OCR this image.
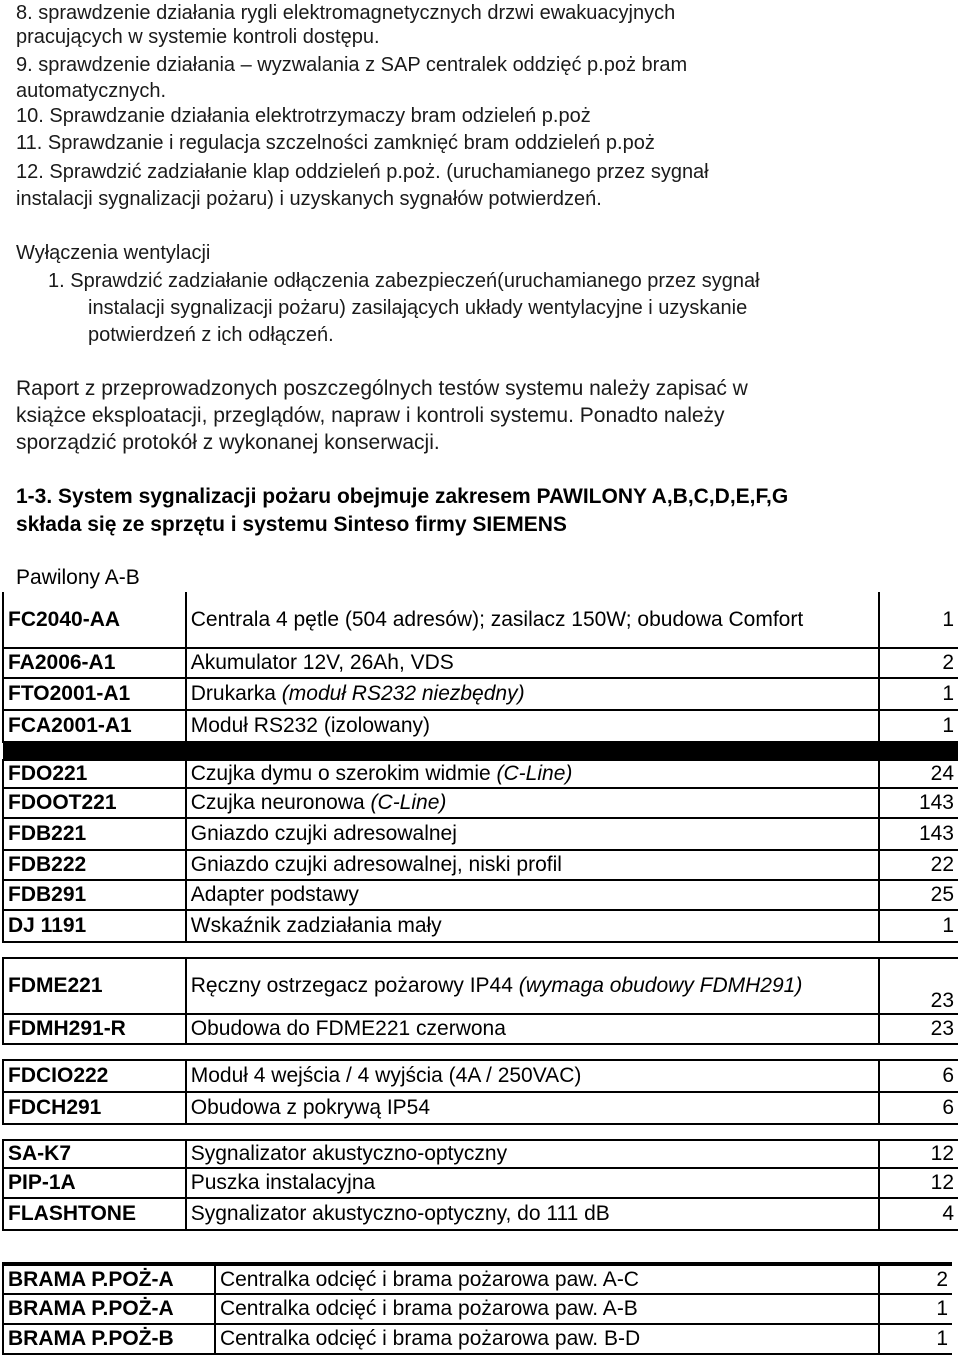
8. sprawdzenie działania rygli elektromagnetycznych drzwi ewakuacyjnych

pracujących w systemie kontroli dostępu.

9. sprawdzenie działania – wyzwalania z SAP centralek oddzięć p.poż bram

automatycznych.

10. Sprawdzanie działania elektrotrzymaczy bram odzieleń p.poż

11. Sprawdzanie i regulacja szczelności zamknięć bram oddzieleń p.poż

12. Sprawdzić zadziałanie klap oddzieleń p.poż. (uruchamianego przez sygnał

instalacji sygnalizacji pożaru) i uzyskanych sygnałów potwierdzeń.

Wyłączenia wentylacji

1. Sprawdzić zadziałanie odłączenia zabezpieczeń(uruchamianego przez sygnał

instalacji sygnalizacji pożaru) zasilających układy wentylacyjne i uzyskanie

potwierdzeń z ich odłączeń.

Raport z przeprowadzonych poszczególnych testów systemu należy zapisać w

książce eksploatacji, przeglądów, napraw i kontroli systemu. Ponadto należy

sporządzić protokół z wykonanej konserwacji.

1-3. System sygnalizacji pożaru obejmuje zakresem PAWILONY A,B,C,D,E,F,G

składa się ze sprzętu i systemu Sinteso firmy SIEMENS

Pawilony A-B

FC2040-AA	Centrala 4 pętle (504 adresów); zasilacz 150W; obudowa Comfort	1
FA2006-A1	Akumulator 12V, 26Ah, VDS	2
FTO2001-A1	Drukarka (moduł RS232 niezbędny)	1
FCA2001-A1	Moduł RS232 (izolowany)	1

FDO221	Czujka dymu o szerokim widmie (C-Line)	24
FDOOT221	Czujka neuronowa (C-Line)	143
FDB221	Gniazdo czujki adresowalnej	143
FDB222	Gniazdo czujki adresowalnej, niski profil	22
FDB291	Adapter podstawy	25
DJ 1191	Wskaźnik zadziałania mały	1

FDME221	Ręczny ostrzegacz pożarowy IP44 (wymaga obudowy FDMH291)	23
FDMH291-R	Obudowa do FDME221 czerwona	23

FDCIO222	Moduł 4 wejścia / 4 wyjścia (4A / 250VAC)	6
FDCH291	Obudowa z pokrywą IP54	6

SA-K7	Sygnalizator akustyczno-optyczny	12
PIP-1A	Puszka instalacyjna	12
FLASHTONE	Sygnalizator akustyczno-optyczny, do 111 dB	4
BRAMA P.POŻ-A	Centralka odcięć i brama pożarowa paw. A-C	2
BRAMA P.POŻ-A	Centralka odcięć i brama pożarowa paw. A-B	1
BRAMA P.POŻ-B	Centralka odcięć i brama pożarowa paw. B-D	1
